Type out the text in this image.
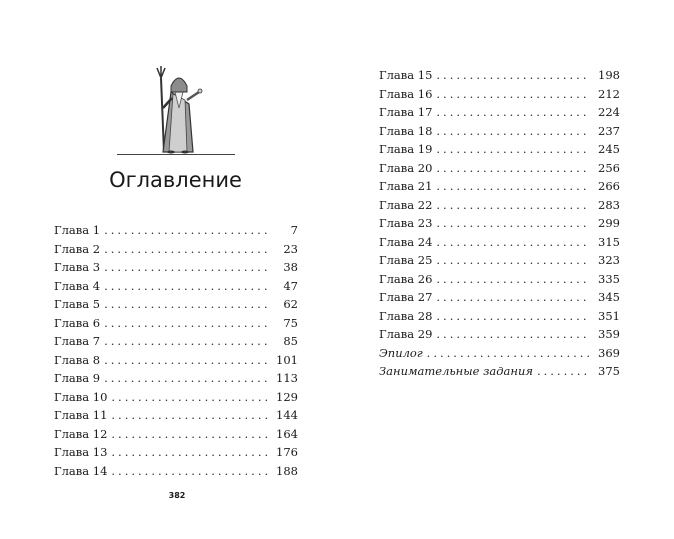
Оглавление
Глава 1 .....	7
Глава 2 .....	23
Глава 3 .....	38
Глава 4 .....	47
Глава 5 .....	62
Глава 6 .....	75
Глава 7 .....	85
Глава 8 .....	101
Глава 9 .....	113
Глава 10 .....	129
Глава 11 .....	144
Глава 12 .....	164
Глава 13 .....	176
Глава 14 .....	188
382
Глава 15 .....	198
Глава 16 .....	212
Глава 17 .....	224
Глава 18 .....	237
Глава 19 .....	245
Глава 20 .....	256
Глава 21 .....	266
Глава 22 .....	283
Глава 23 .....	299
Глава 24 .....	315
Глава 25 .....	323
Глава 26 .....	335
Глава 27 .....	345
Глава 28 .....	351
Глава 29 .....	359
Эпилог .....	369
Занимательные задания .....	375
